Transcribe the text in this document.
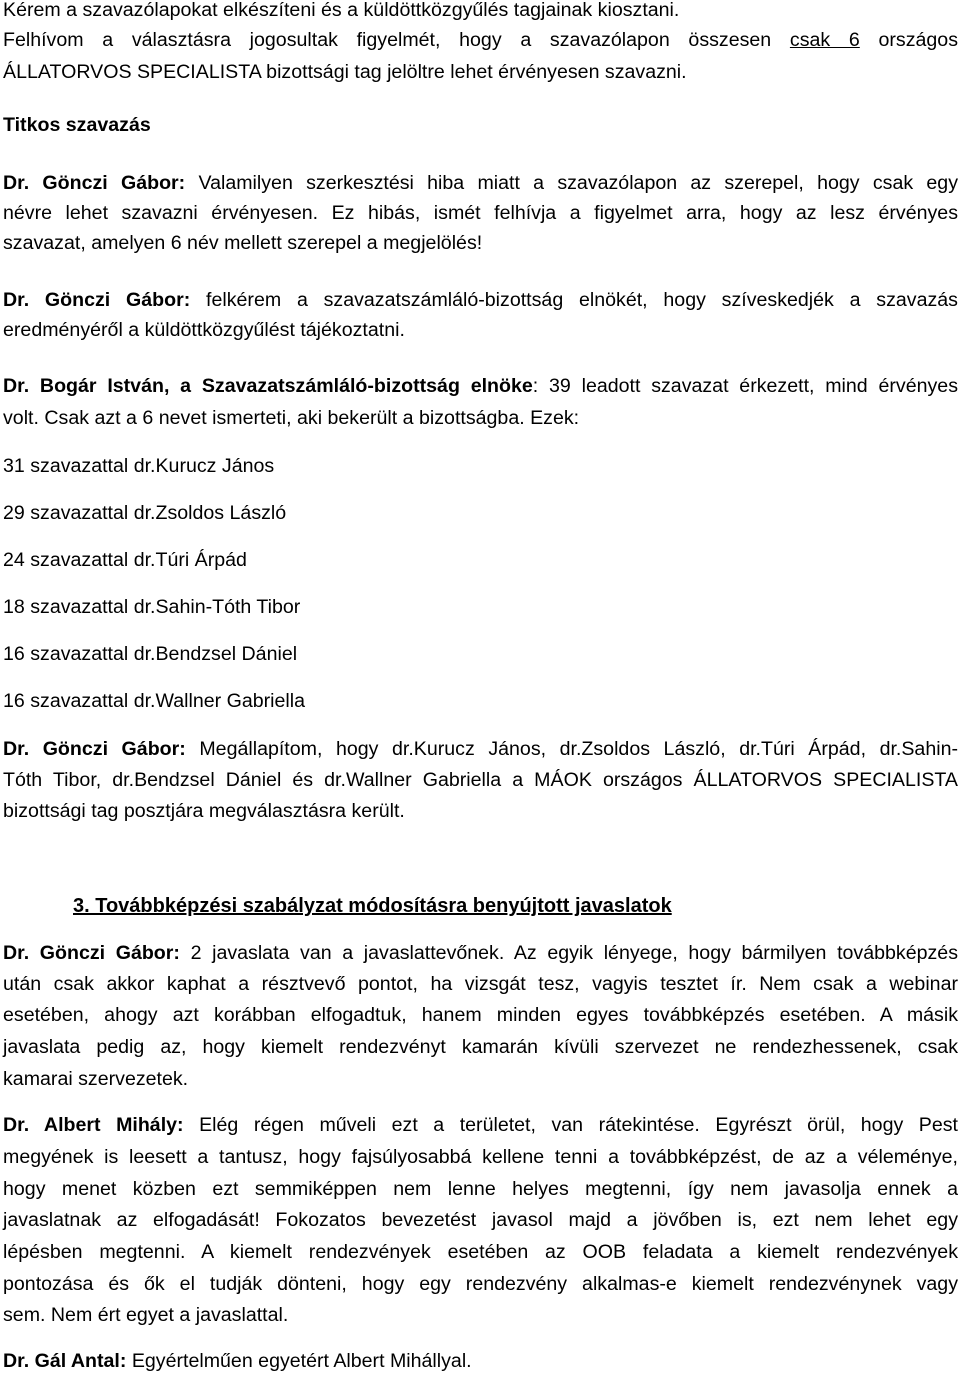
Kérem a szavazólapokat elkészíteni és a küldöttközgyűlés tagjainak kiosztani.
Felhívom a választásra jogosultak figyelmét, hogy a szavazólapon összesen csak 6 országos
ÁLLATORVOS SPECIALISTA bizottsági tag jelöltre lehet érvényesen szavazni.
Titkos szavazás
Dr. Gönczi Gábor: Valamilyen szerkesztési hiba miatt a szavazólapon az szerepel, hogy csak egy
névre lehet szavazni érvényesen. Ez hibás, ismét felhívja a figyelmet arra, hogy az lesz érvényes
szavazat, amelyen 6 név mellett szerepel a megjelölés!
Dr. Gönczi Gábor: felkérem a szavazatszámláló-bizottság elnökét, hogy szíveskedjék a szavazás
eredményéről a küldöttközgyűlést tájékoztatni.
Dr. Bogár István, a Szavazatszámláló-bizottság elnöke: 39 leadott szavazat érkezett, mind érvényes
volt. Csak azt a 6 nevet ismerteti, aki bekerült a bizottságba. Ezek:
31 szavazattal dr.Kurucz János
29 szavazattal dr.Zsoldos László
24 szavazattal dr.Túri Árpád
18 szavazattal dr.Sahin-Tóth Tibor
16 szavazattal dr.Bendzsel Dániel
16 szavazattal dr.Wallner Gabriella
Dr. Gönczi Gábor: Megállapítom, hogy dr.Kurucz János, dr.Zsoldos László, dr.Túri Árpád, dr.Sahin-
Tóth Tibor, dr.Bendzsel Dániel és dr.Wallner Gabriella a MÁOK országos ÁLLATORVOS SPECIALISTA
bizottsági tag posztjára megválasztásra került.
3. Továbbképzési szabályzat módosításra benyújtott javaslatok
Dr. Gönczi Gábor: 2 javaslata van a javaslattevőnek. Az egyik lényege, hogy bármilyen továbbképzés
után csak akkor kaphat a résztvevő pontot, ha vizsgát tesz, vagyis tesztet ír. Nem csak a webinar
esetében, ahogy azt korábban elfogadtuk, hanem minden egyes továbbképzés esetében. A másik
javaslata pedig az, hogy kiemelt rendezvényt kamarán kívüli szervezet ne rendezhessenek, csak
kamarai szervezetek.
Dr. Albert Mihály: Elég régen műveli ezt a területet, van rátekintése. Egyrészt örül, hogy Pest
megyének is leesett a tantusz, hogy fajsúlyosabbá kellene tenni a továbbképzést, de az a véleménye,
hogy menet közben ezt semmiképpen nem lenne helyes megtenni, így nem javasolja ennek a
javaslatnak az elfogadását! Fokozatos bevezetést javasol majd a jövőben is, ezt nem lehet egy
lépésben megtenni. A kiemelt rendezvények esetében az OOB feladata a kiemelt rendezvények
pontozása és ők el tudják dönteni, hogy egy rendezvény alkalmas-e kiemelt rendezvénynek vagy
sem. Nem ért egyet a javaslattal.
Dr. Gál Antal: Egyértelműen egyetért Albert Mihállyal.
